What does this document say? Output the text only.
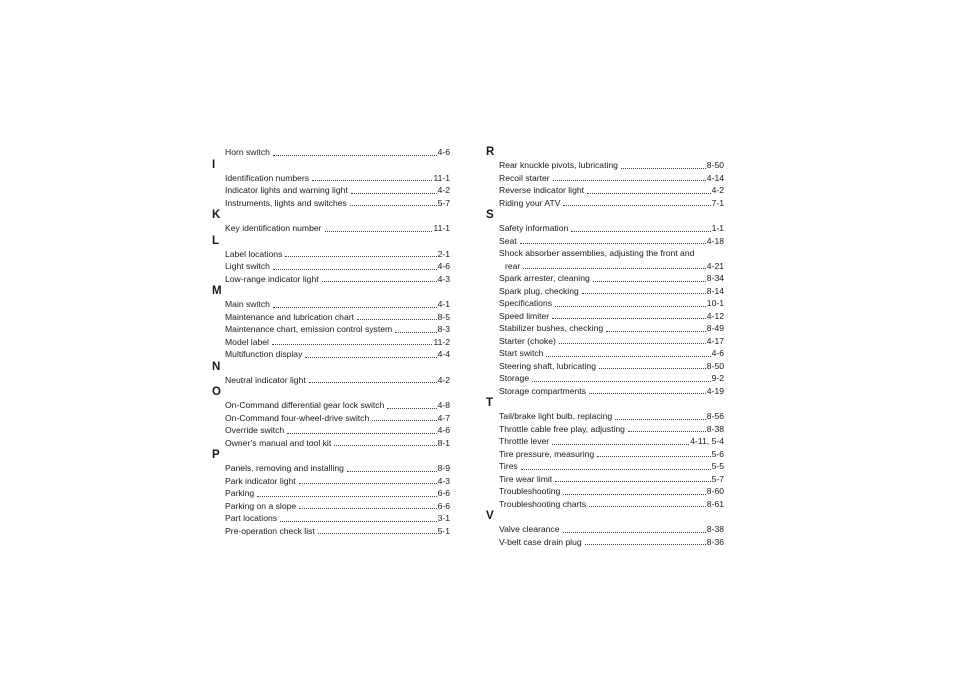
Horn switch	4-6
I
Identification numbers	11-1
Indicator lights and warning light	4-2
Instruments, lights and switches	5-7
K
Key identification number	11-1
L
Label locations	2-1
Light switch	4-6
Low-range indicator light	4-3
M
Main switch	4-1
Maintenance and lubrication chart	8-5
Maintenance chart, emission control system	8-3
Model label	11-2
Multifunction display	4-4
N
Neutral indicator light	4-2
O
On-Command differential gear lock switch	4-8
On-Command four-wheel-drive switch	4-7
Override switch	4-6
Owner’s manual and tool kit	8-1
P
Panels, removing and installing	8-9
Park indicator light	4-3
Parking	6-6
Parking on a slope	6-6
Part locations	3-1
Pre-operation check list	5-1
R
Rear knuckle pivots, lubricating	8-50
Recoil starter	4-14
Reverse indicator light	4-2
Riding your ATV	7-1
S
Safety information	1-1
Seat	4-18
Shock absorber assemblies, adjusting the front and
rear	4-21
Spark arrester, cleaning	8-34
Spark plug, checking	8-14
Specifications	10-1
Speed limiter	4-12
Stabilizer bushes, checking	8-49
Starter (choke)	4-17
Start switch	4-6
Steering shaft, lubricating	8-50
Storage	9-2
Storage compartments	4-19
T
Tail/brake light bulb, replacing	8-56
Throttle cable free play, adjusting	8-38
Throttle lever	4-11, 5-4
Tire pressure, measuring	5-6
Tires	5-5
Tire wear limit	5-7
Troubleshooting	8-60
Troubleshooting charts	8-61
V
Valve clearance	8-38
V-belt case drain plug	8-36
